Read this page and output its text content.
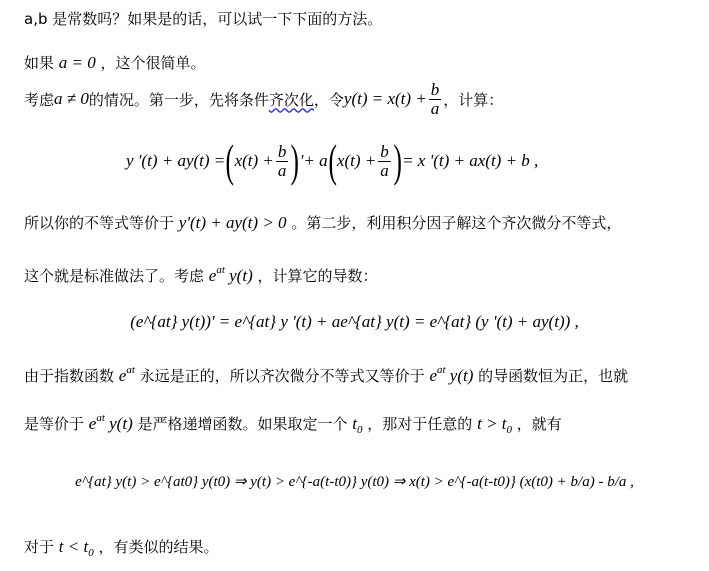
a,b 是常数吗？如果是的话，可以试一下下面的方法。
如果 a = 0 ，这个很简单。
考虑 a ≠ 0 的情况。第一步，先将条件 齐次化 ，令 $y(t) = x(t) + \frac{b}{a}$ ，计算：
y '(t) + ay(t) = ( $x(t) + \frac{b}{a}$ ) '+ a ( $x(t) + \frac{b}{a}$ ) = x '(t) + ax(t) + b ,
所以你的不等式等价于 y'(t) + ay(t) > 0 。第二步，利用积分因子解这个齐次微分不等式，
这个就是标准做法了。考虑 $e^{at}$ y(t) ，计算它的导数：
(e^{at} y(t))' = e^{at} y '(t) + ae^{at} y(t) = e^{at} (y '(t) + ay(t)) ,
由于指数函数 $e^{at}$ 永远是正的，所以齐次微分不等式又等价于 $e^{at}$ y(t) 的导函数恒为正，也就
是等价于 $e^{at}$ y(t) 是严格递增函数。如果取定一个 $t_0$ ，那对于任意的 $t > t_0$ ，就有
e^{at} y(t) > e^{at0} y(t0) ⇒ y(t) > e^{-a(t-t0)} y(t0) ⇒ x(t) > e^{-a(t-t0)} (x(t0) + b/a) - b/a ,
对于 $t < t_0$ ，有类似的结果。
